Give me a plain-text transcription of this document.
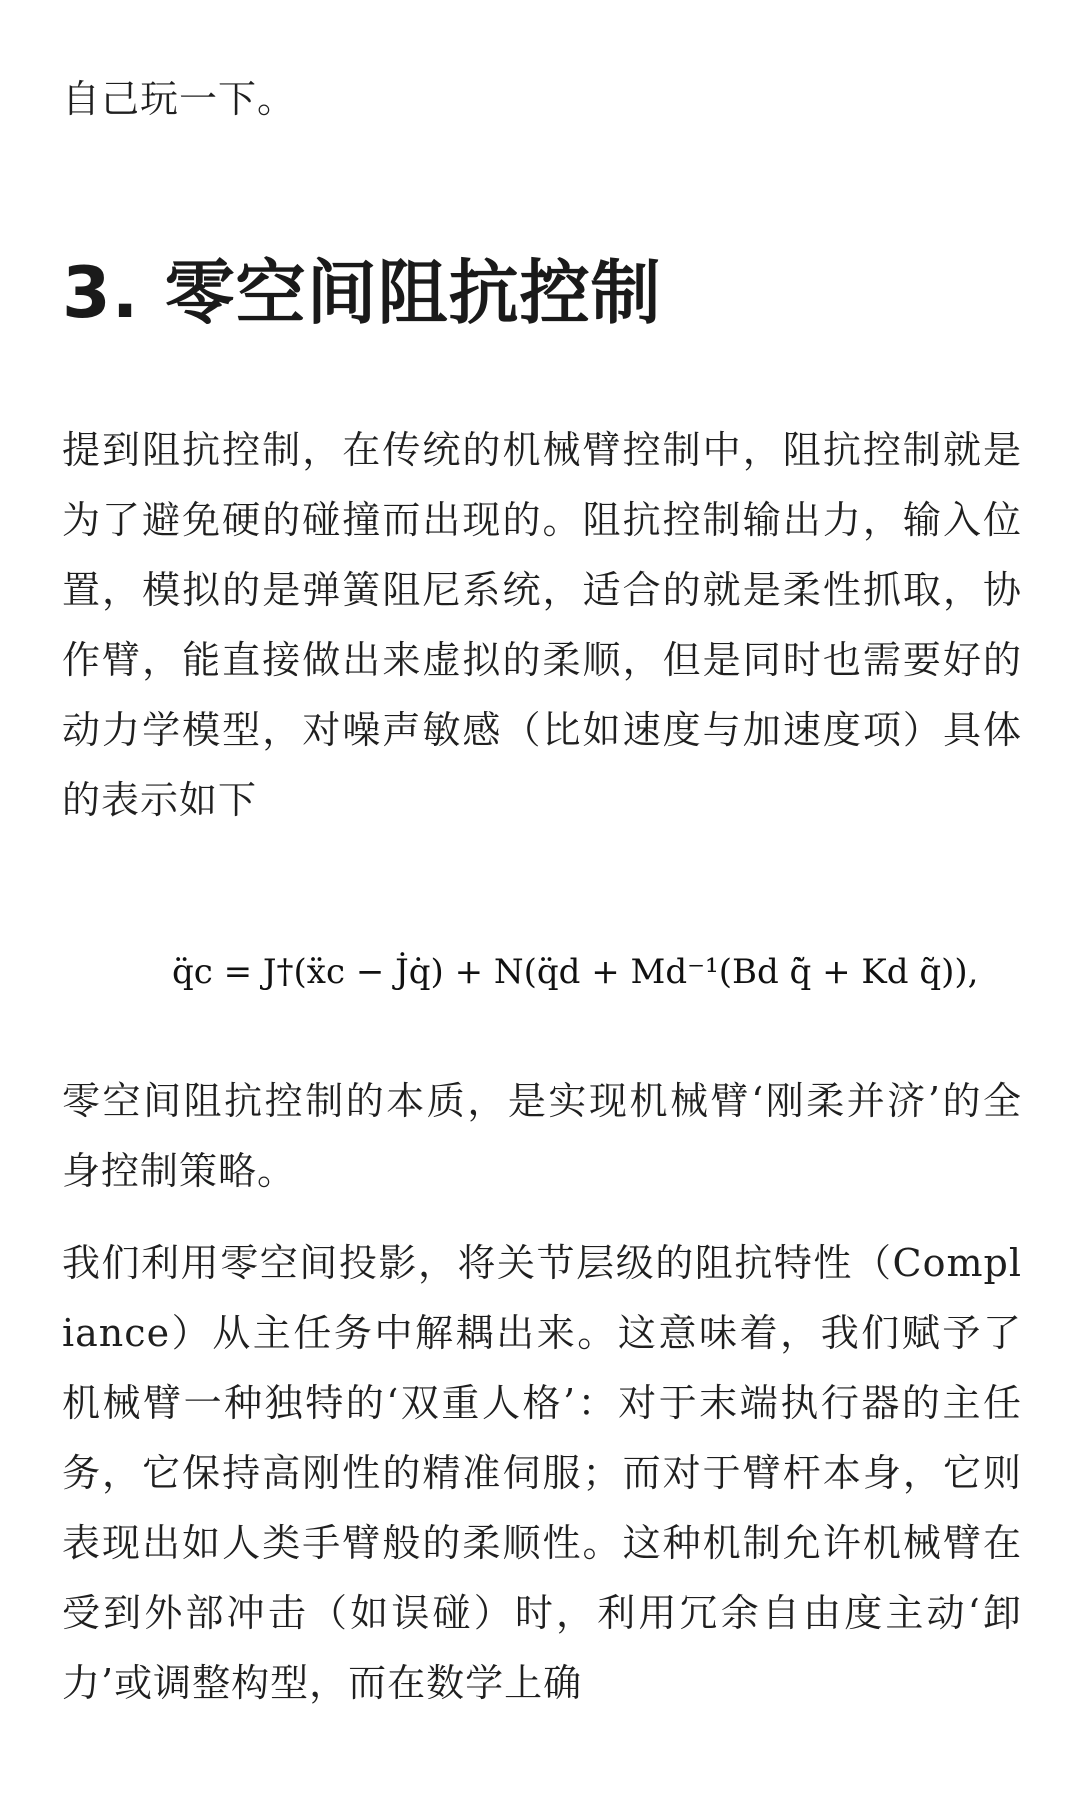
自己玩一下。

3. 零空间阻抗控制

提到阻抗控制，在传统的机械臂控制中，阻抗控制就是为了避免硬的碰撞而出现的。阻抗控制输出力，输入位置，模拟的是弹簧阻尼系统，适合的就是柔性抓取，协作臂，能直接做出来虚拟的柔顺，但是同时也需要好的动力学模型，对噪声敏感（比如速度与加速度项）具体的表示如下

q̈c = J†(ẍc − J̇q̇) + N(q̈d + Md⁻¹(Bd q̃̇ + Kd q̃)),

零空间阻抗控制的本质，是实现机械臂‘刚柔并济’的全身控制策略。

我们利用零空间投影，将关节层级的阻抗特性（Compliance）从主任务中解耦出来。这意味着，我们赋予了机械臂一种独特的‘双重人格’：对于末端执行器的主任务，它保持高刚性的精准伺服；而对于臂杆本身，它则表现出如人类手臂般的柔顺性。这种机制允许机械臂在受到外部冲击（如误碰）时，利用冗余自由度主动‘卸力’或调整构型，而在数学上确
